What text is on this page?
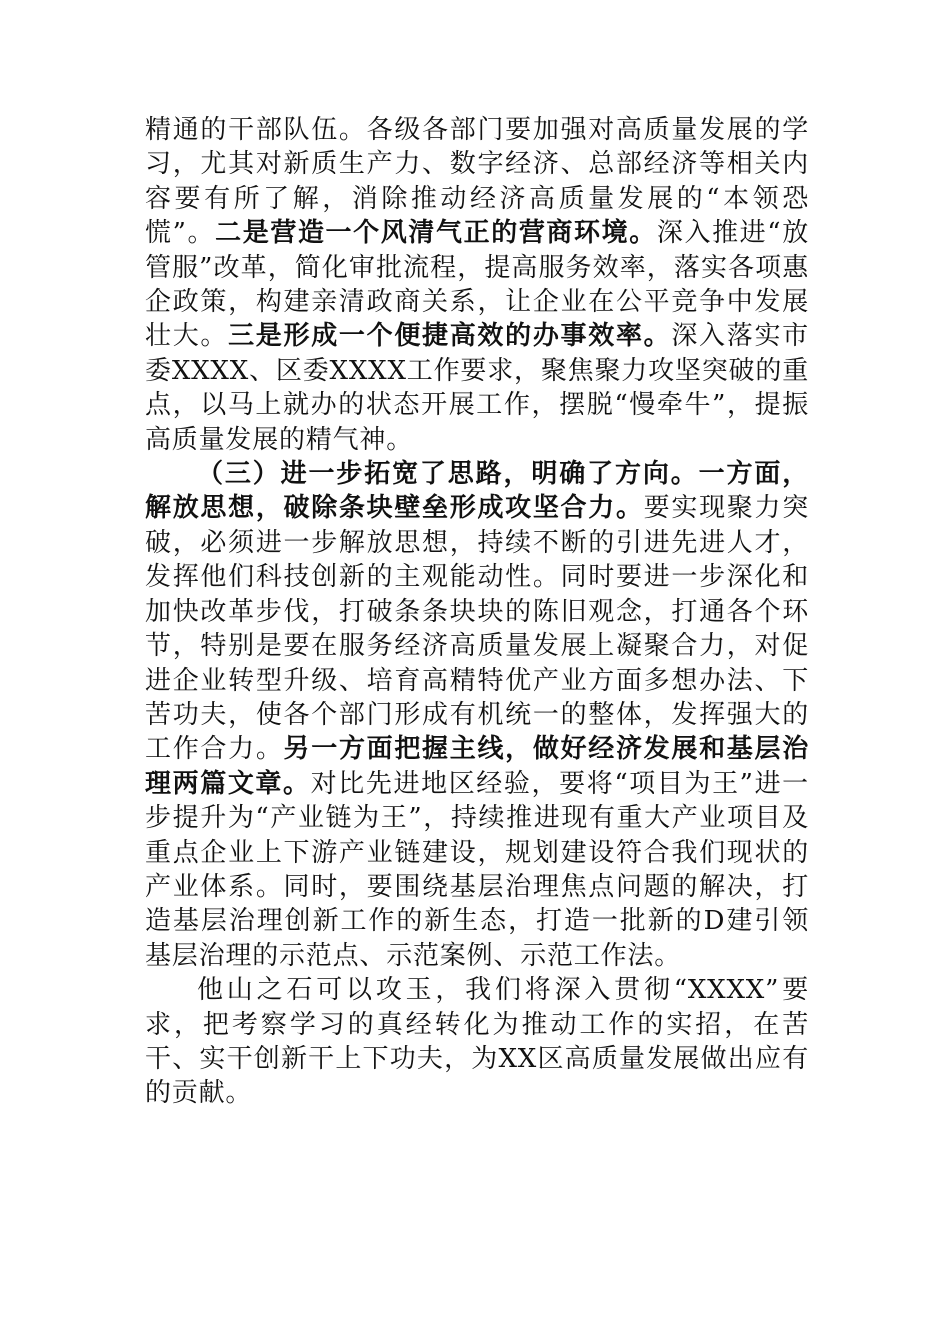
精通的干部队伍。各级各部门要加强对高质量发展的学习，尤其对新质生产力、数字经济、总部经济等相关内容要有所了解，消除推动经济高质量发展的“本领恐慌”。二是营造一个风清气正的营商环境。深入推进“放管服”改革，简化审批流程，提高服务效率，落实各项惠企政策，构建亲清政商关系，让企业在公平竞争中发展壮大。三是形成一个便捷高效的办事效率。深入落实市委XXXX、区委XXXX工作要求，聚焦聚力攻坚突破的重点，以马上就办的状态开展工作，摆脱“慢牵牛”，提振高质量发展的精气神。

（三）进一步拓宽了思路，明确了方向。一方面，解放思想，破除条块壁垒形成攻坚合力。要实现聚力突破，必须进一步解放思想，持续不断的引进先进人才，发挥他们科技创新的主观能动性。同时要进一步深化和加快改革步伐，打破条条块块的陈旧观念，打通各个环节，特别是要在服务经济高质量发展上凝聚合力，对促进企业转型升级、培育高精特优产业方面多想办法、下苦功夫，使各个部门形成有机统一的整体，发挥强大的工作合力。另一方面把握主线，做好经济发展和基层治理两篇文章。对比先进地区经验，要将“项目为王”进一步提升为“产业链为王”，持续推进现有重大产业项目及重点企业上下游产业链建设，规划建设符合我们现状的产业体系。同时，要围绕基层治理焦点问题的解决，打造基层治理创新工作的新生态，打造一批新的D建引领基层治理的示范点、示范案例、示范工作法。

他山之石可以攻玉，我们将深入贯彻“XXXX”要求，把考察学习的真经转化为推动工作的实招，在苦干、实干创新干上下功夫，为XX区高质量发展做出应有的贡献。
